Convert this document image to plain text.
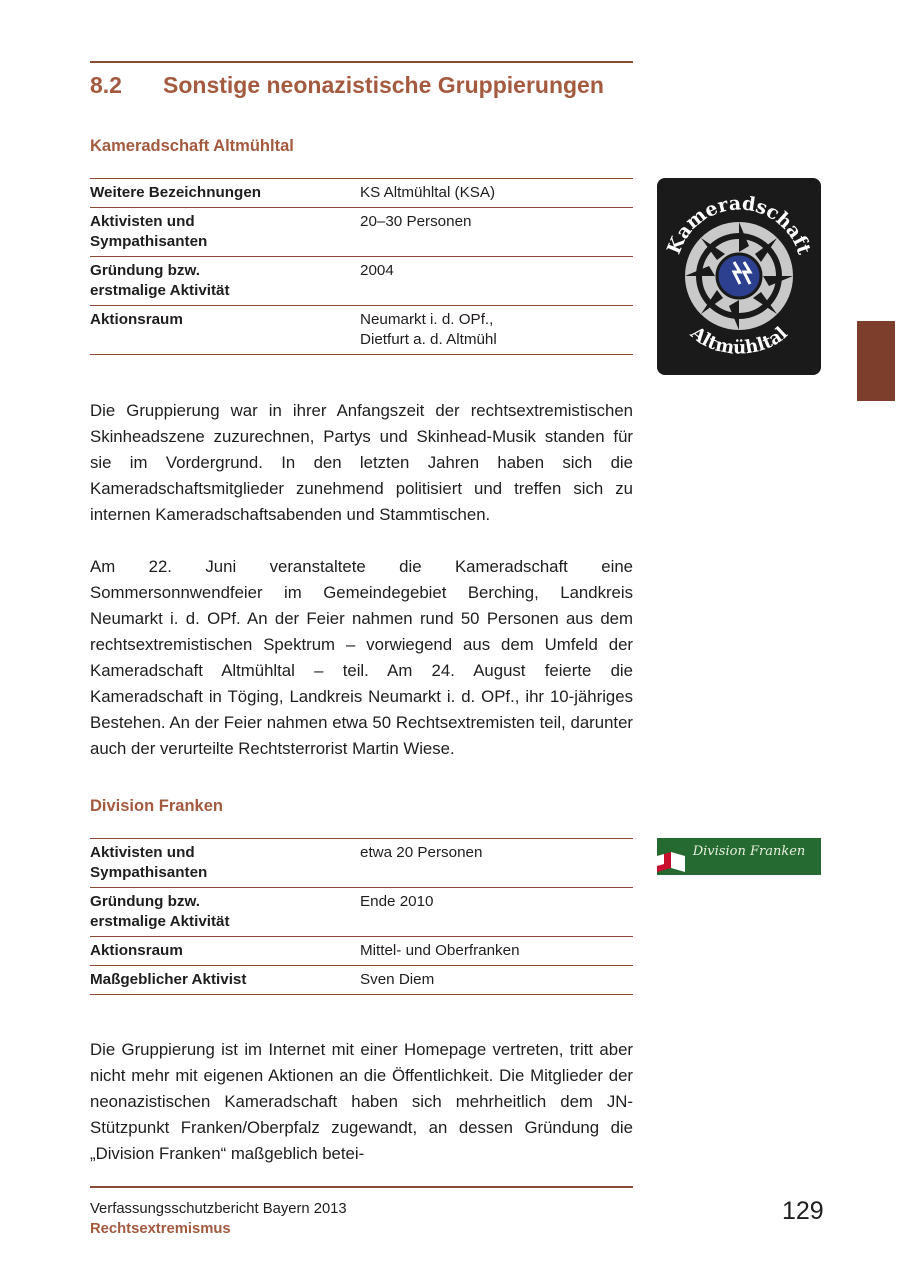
8.2 Sonstige neonazistische Gruppierungen
Kameradschaft Altmühltal
Weitere Bezeichnungen	KS Altmühltal (KSA)
Aktivisten und
Sympathisanten	20–30 Personen
Gründung bzw.
erstmalige Aktivität	2004
Aktionsraum	Neumarkt i. d. OPf.,
Dietfurt a. d. Altmühl
Kameradschaft
Altmühltal

Die Gruppierung war in ihrer Anfangszeit der rechtsextremistischen Skinheadszene zuzurechnen, Partys und Skinhead-Musik standen für sie im Vordergrund. In den letzten Jahren haben sich die Kameradschaftsmitglieder zunehmend politisiert und treffen sich zu internen Kameradschaftsabenden und Stammtischen.

Am 22. Juni veranstaltete die Kameradschaft eine Sommersonnwendfeier im Gemeindegebiet Berching, Landkreis Neumarkt i. d. OPf. An der Feier nahmen rund 50 Personen aus dem rechtsextremistischen Spektrum – vorwiegend aus dem Umfeld der Kameradschaft Altmühltal – teil. Am 24. August feierte die Kameradschaft in Töging, Landkreis Neumarkt i. d. OPf., ihr 10-jähriges Bestehen. An der Feier nahmen etwa 50 Rechtsextremisten teil, darunter auch der verurteilte Rechtsterrorist Martin Wiese.

Division Franken
Aktivisten und
Sympathisanten	etwa 20 Personen
Gründung bzw.
erstmalige Aktivität	Ende 2010
Aktionsraum	Mittel- und Oberfranken
Maßgeblicher Aktivist	Sven Diem
Division Franken

Die Gruppierung ist im Internet mit einer Homepage vertreten, tritt aber nicht mehr mit eigenen Aktionen an die Öffentlichkeit. Die Mitglieder der neonazistischen Kameradschaft haben sich mehrheitlich dem JN-Stützpunkt Franken/Oberpfalz zugewandt, an dessen Gründung die „Division Franken“ maßgeblich betei-

Verfassungsschutzbericht Bayern 2013
Rechtsextremismus
129
